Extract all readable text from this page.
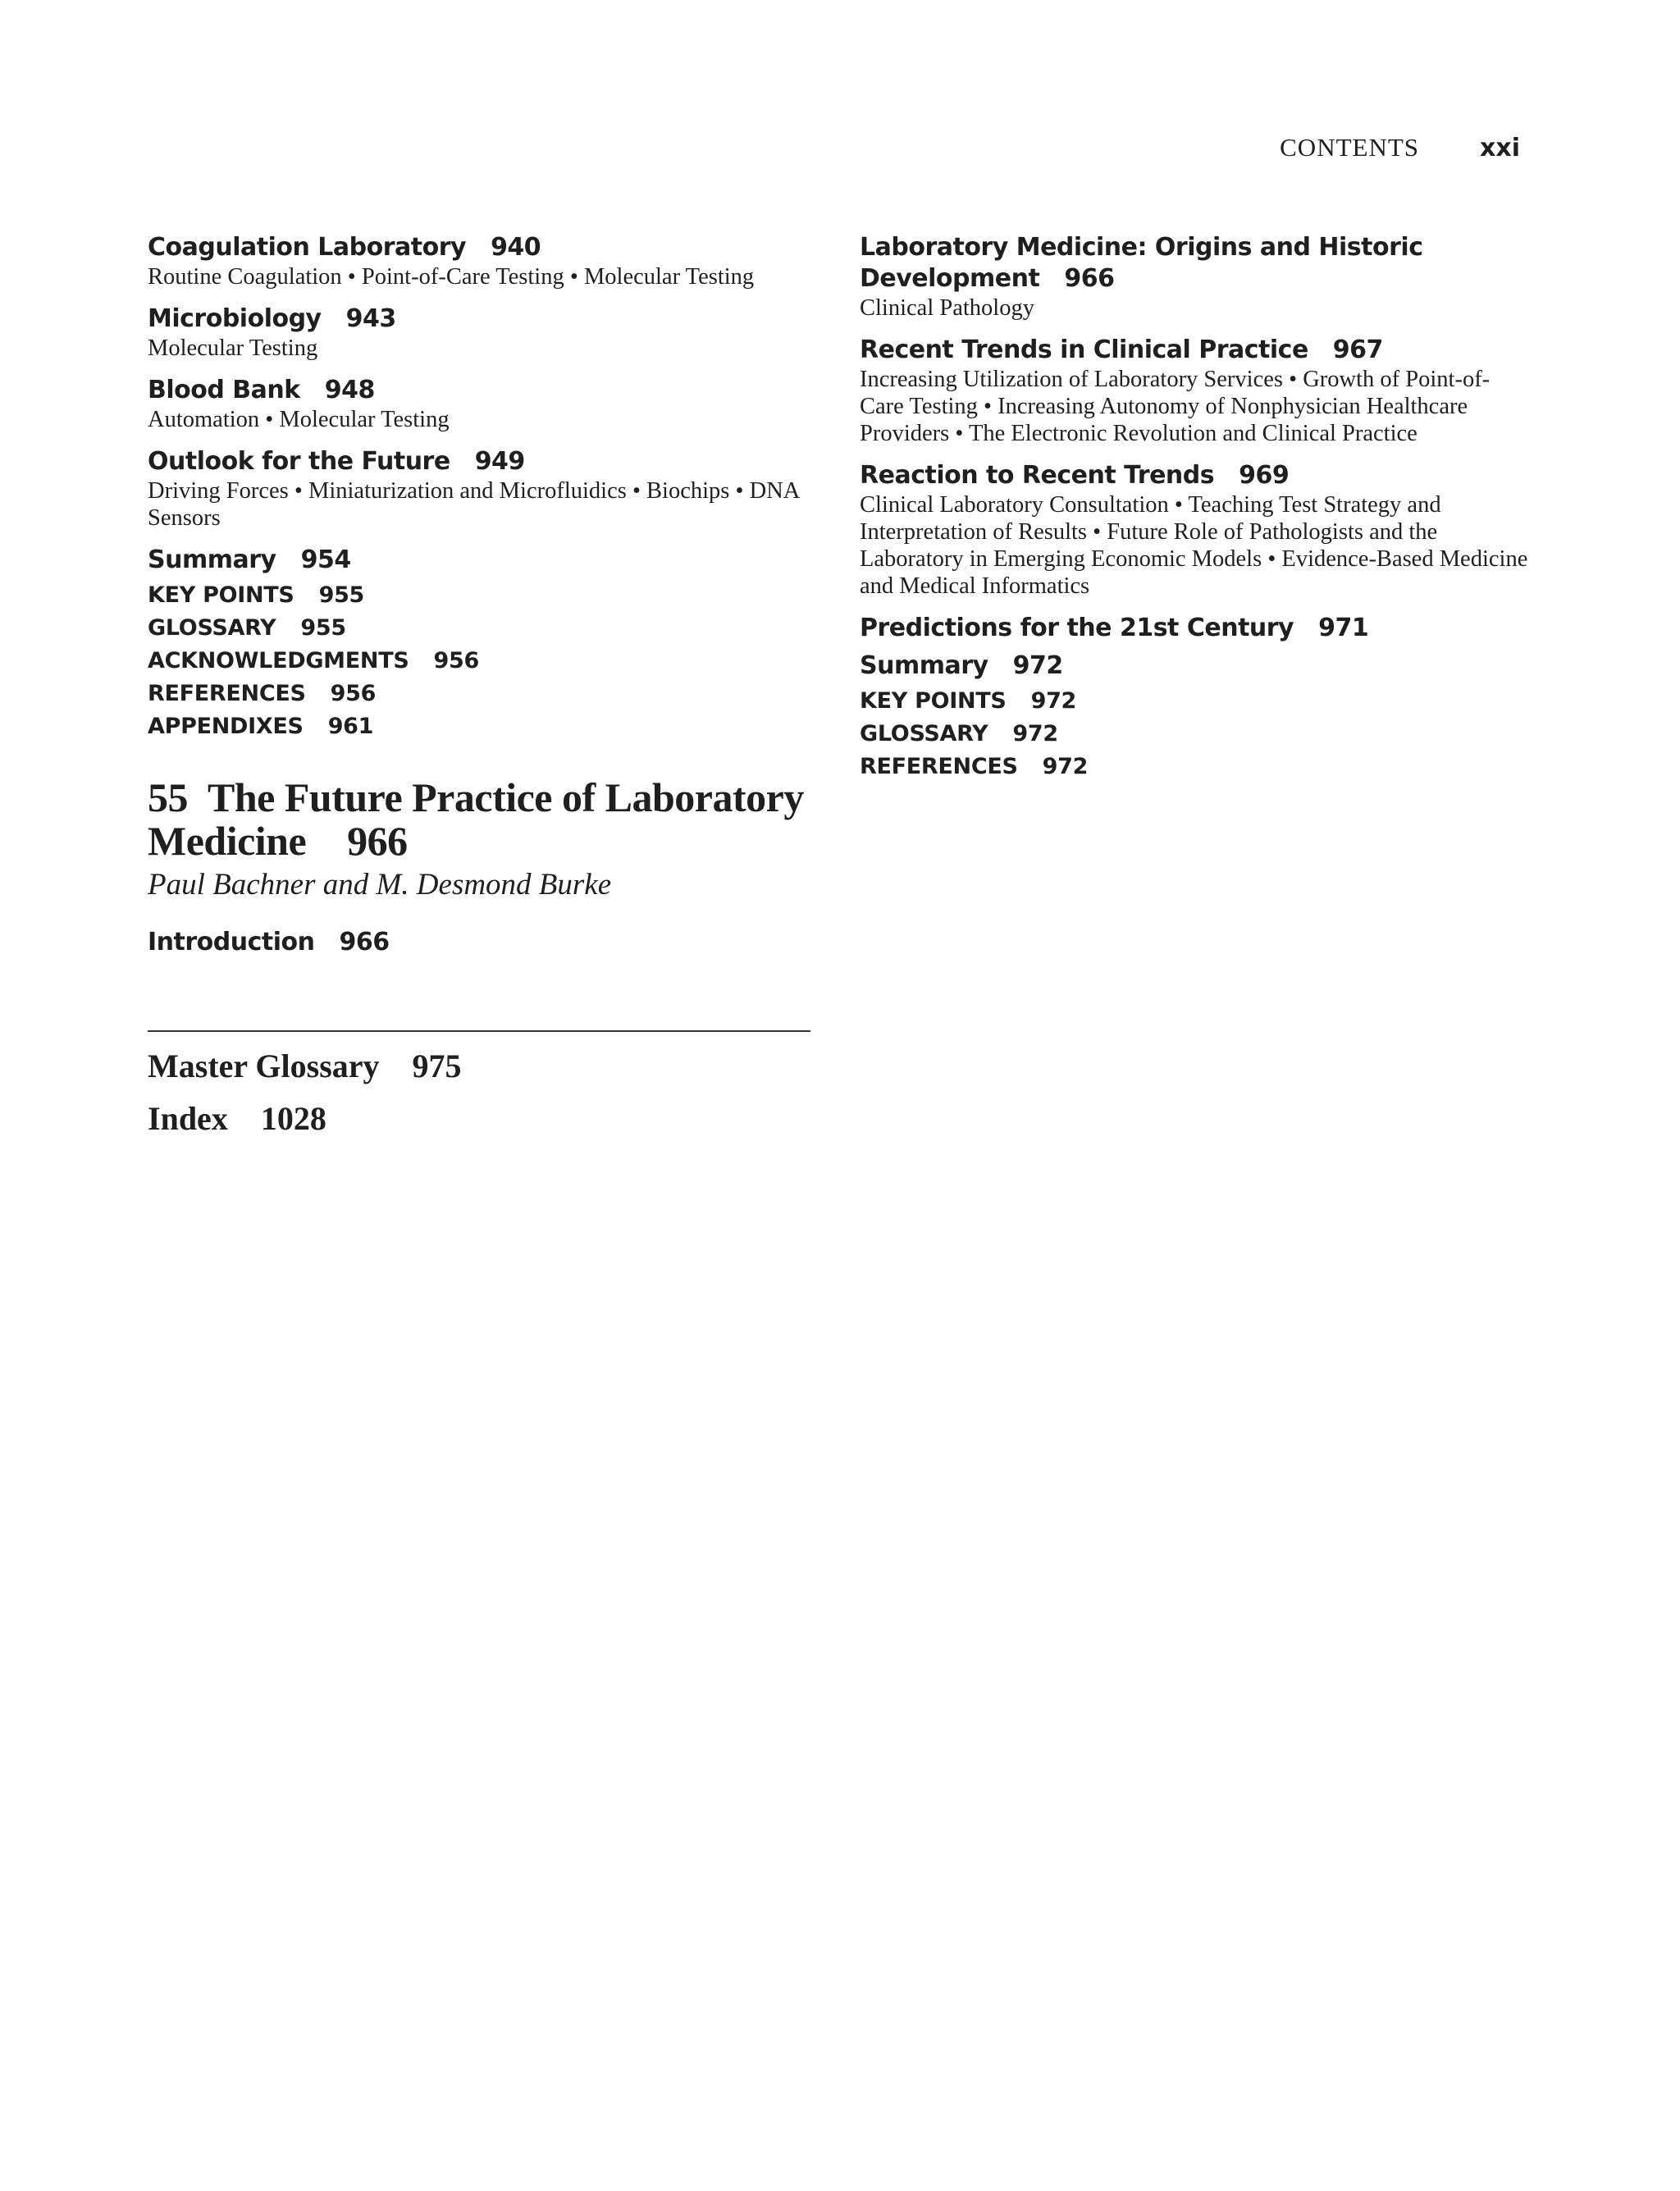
CONTENTS xxi
Coagulation Laboratory 940
Routine Coagulation • Point-of-Care Testing • Molecular Testing
Microbiology 943
Molecular Testing
Blood Bank 948
Automation • Molecular Testing
Outlook for the Future 949
Driving Forces • Miniaturization and Microfluidics • Biochips • DNA Sensors
Summary 954
KEY POINTS 955
GLOSSARY 955
ACKNOWLEDGMENTS 956
REFERENCES 956
APPENDIXES 961
55 The Future Practice of Laboratory
Medicine 966
Paul Bachner and M. Desmond Burke
Introduction 966
Master Glossary 975
Index 1028
Laboratory Medicine: Origins and Historic
Development 966
Clinical Pathology
Recent Trends in Clinical Practice 967
Increasing Utilization of Laboratory Services • Growth of Point-of-Care Testing • Increasing Autonomy of Nonphysician Healthcare Providers • The Electronic Revolution and Clinical Practice
Reaction to Recent Trends 969
Clinical Laboratory Consultation • Teaching Test Strategy and Interpretation of Results • Future Role of Pathologists and the Laboratory in Emerging Economic Models • Evidence-Based Medicine and Medical Informatics
Predictions for the 21st Century 971
Summary 972
KEY POINTS 972
GLOSSARY 972
REFERENCES 972
